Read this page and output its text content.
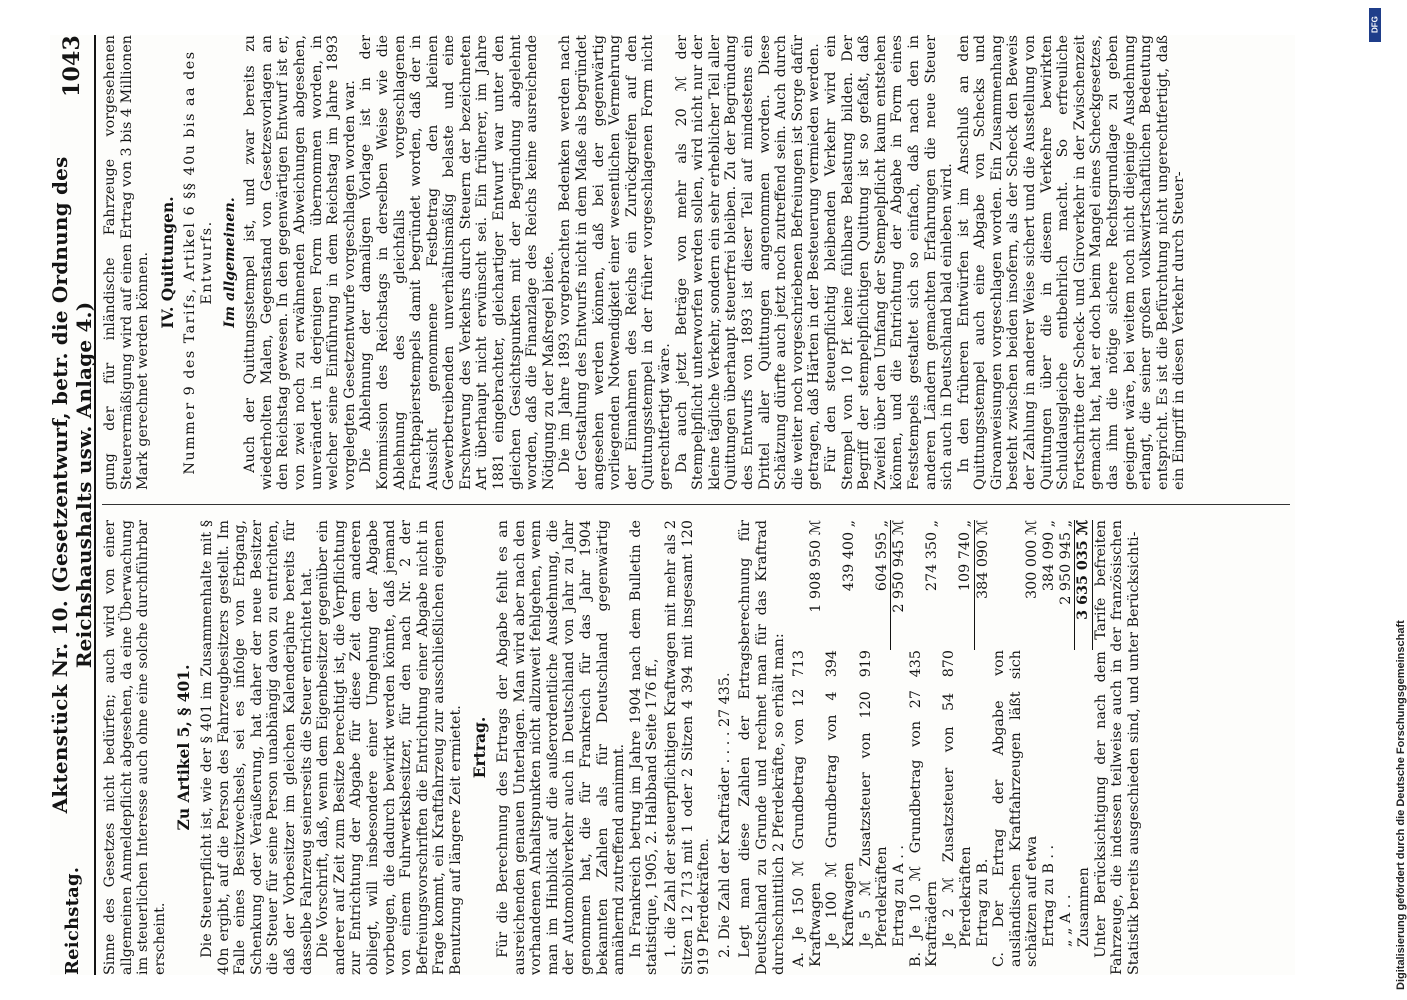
Reichstag.
Aktenstück Nr. 10. (Gesetzentwurf, betr. die Ordnung des Reichshaushalts usw. Anlage 4.)
1043

Sinne des Gesetzes nicht bedürfen; auch wird von einer allgemeinen Anmeldepflicht abgesehen, da eine Überwachung im steuerlichen Interesse auch ohne eine solche durchführbar erscheint.

Zu Artikel 5, § 401. Die Steuerpflicht ist, wie der § 401 im Zusammenhalte mit § 40n ergibt, auf die Person des Fahrzeugbesitzers gestellt. Im Falle eines Besitzwechsels, sei es infolge von Erbgang, Schenkung oder Veräußerung, hat daher der neue Besitzer die Steuer für seine Person unabhängig davon zu entrichten, daß der Vorbesitzer im gleichen Kalenderjahre bereits für dasselbe Fahrzeug seinerseits die Steuer entrichtet hat. Die Vorschrift, daß, wenn dem Eigenbesitzer gegenüber ein anderer auf Zeit zum Besitze berechtigt ist, die Verpflichtung zur Entrichtung der Abgabe für diese Zeit dem anderen obliegt, will insbesondere einer Umgehung der Abgabe vorbeugen, die dadurch bewirkt werden könnte, daß jemand von einem Fuhrwerksbesitzer, für den nach Nr. 2 der Befreiungsvorschriften die Entrichtung einer Abgabe nicht in Frage kommt, ein Kraftfahrzeug zur ausschließlichen eigenen Benutzung auf längere Zeit ermietet. Ertrag. Für die Berechnung des Ertrags der Abgabe fehlt es an ausreichenden genauen Unterlagen. Man wird aber nach den vorhandenen Anhaltspunkten nicht allzuweit fehlgehen, wenn man im Hinblick auf die außerordentliche Ausdehnung, die der Automobilverkehr auch in Deutschland von Jahr zu Jahr genommen hat, die für Frankreich für das Jahr 1904 bekannten Zahlen als für Deutschland gegenwärtig annähernd zutreffend annimmt. In Frankreich betrug im Jahre 1904 nach dem Bulletin de statistique, 1905, 2. Halbband Seite 176 ff., 1. die Zahl der steuerpflichtigen Kraftwagen mit mehr als 2 Sitzen 12 713 mit 1 oder 2 Sitzen 4 394 mit insgesamt 120 919 Pferdekräften. 2. Die Zahl der Krafträder . . . . 27 435. Legt man diese Zahlen der Ertragsberechnung für Deutschland zu Grunde und rechnet man für das Kraftrad durchschnittlich 2 Pferdekräfte, so erhält man: A. Je 150 ℳ Grundbetrag von 12 713 Kraftwagen	1 908 950 ℳ
Je 100 ℳ Grundbetrag von 4 394 Kraftwagen	439 400 „
Je 5 ℳ Zusatzsteuer von 120 919 Pferdekräften	604 595 „
Ertrag zu A . .	2 950 945 ℳ
B. Je 10 ℳ Grundbetrag von 27 435 Krafträdern	274 350 „
Je 2 ℳ Zusatzsteuer von 54 870 Pferdekräften	109 740 „
Ertrag zu B.	384 090 ℳ
C. Der Ertrag der Abgabe von ausländischen Kraftfahrzeugen läßt sich schätzen auf etwa	300 000 ℳ
Ertrag zu B . .	384 090 „
„ „ A . .	2 950 945 „
Zusammen	3 635 035 ℳ Unter Berücksichtigung der nach dem Tarife befreiten Fahrzeuge, die indessen teilweise auch in der französischen Statistik bereits ausgeschieden sind, und unter Berücksichti-

gung der für inländische Fahrzeuge vorgesehenen Steuerermäßigung wird auf einen Ertrag von 3 bis 4 Millionen Mark gerechnet werden können. IV. Quittungen. Nummer 9 des Tarifs, Artikel 6 §§ 40u bis aa des Entwurfs. Im allgemeinen. Auch der Quittungsstempel ist, und zwar bereits zu wiederholten Malen, Gegenstand von Gesetzesvorlagen an den Reichstag gewesen. In den gegenwärtigen Entwurf ist er, von zwei noch zu erwähnenden Abweichungen abgesehen, unverändert in derjenigen Form übernommen worden, in welcher seine Einführung in dem Reichstag im Jahre 1893 vorgelegten Gesetzentwurfe vorgeschlagen worden war. Die Ablehnung der damaligen Vorlage ist in der Kommission des Reichstags in derselben Weise wie die Ablehnung des gleichfalls vorgeschlagenen Frachtpapierstempels damit begründet worden, daß der in Aussicht genommene Festbetrag den kleinen Gewerbetreibenden unverhältnismäßig belaste und eine Erschwerung des Verkehrs durch Steuern der bezeichneten Art überhaupt nicht erwünscht sei. Ein früherer, im Jahre 1881 eingebrachter, gleichartiger Entwurf war unter den gleichen Gesichtspunkten mit der Begründung abgelehnt worden, daß die Finanzlage des Reichs keine ausreichende Nötigung zu der Maßregel biete. Die im Jahre 1893 vorgebrachten Bedenken werden nach der Gestaltung des Entwurfs nicht in dem Maße als begründet angesehen werden können, daß bei der gegenwärtig vorliegenden Notwendigkeit einer wesentlichen Vermehrung der Einnahmen des Reichs ein Zurückgreifen auf den Quittungsstempel in der früher vorgeschlagenen Form nicht gerechtfertigt wäre. Da auch jetzt Beträge von mehr als 20 ℳ der Stempelpflicht unterworfen werden sollen, wird nicht nur der kleine tägliche Verkehr, sondern ein sehr erheblicher Teil aller Quittungen überhaupt steuerfrei bleiben. Zu der Begründung des Entwurfs von 1893 ist dieser Teil auf mindestens ein Drittel aller Quittungen angenommen worden. Diese Schätzung dürfte auch jetzt noch zutreffend sein. Auch durch die weiter noch vorgeschriebenen Befreiungen ist Sorge dafür getragen, daß Härten in der Besteuerung vermieden werden. Für den steuerpflichtig bleibenden Verkehr wird ein Stempel von 10 Pf. keine fühlbare Belastung bilden. Der Begriff der stempelpflichtigen Quittung ist so gefaßt, daß Zweifel über den Umfang der Stempelpflicht kaum entstehen können, und die Entrichtung der Abgabe in Form eines Feststempels gestaltet sich so einfach, daß nach den in anderen Ländern gemachten Erfahrungen die neue Steuer sich auch in Deutschland bald einleben wird. In den früheren Entwürfen ist im Anschluß an den Quittungsstempel auch eine Abgabe von Schecks und Giroanweisungen vorgeschlagen worden. Ein Zusammenhang besteht zwischen beiden insofern, als der Scheck den Beweis der Zahlung in anderer Weise sichert und die Ausstellung von Quittungen über die in diesem Verkehre bewirkten Schuldausgleiche entbehrlich macht. So erfreuliche Fortschritte der Scheck- und Giroverkehr in der Zwischenzeit gemacht hat, hat er doch beim Mangel eines Scheckgesetzes, das ihm die nötige sichere Rechtsgrundlage zu geben geeignet wäre, bei weitem noch nicht diejenige Ausdehnung erlangt, die seiner großen volkswirtschaftlichen Bedeutung entspricht. Es ist die Befürchtung nicht ungerechtfertigt, daß ein Eingriff in diesen Verkehr durch Steuer-

Digitalisierung gefördert durch die Deutsche Forschungsgemeinschaft
DFG
